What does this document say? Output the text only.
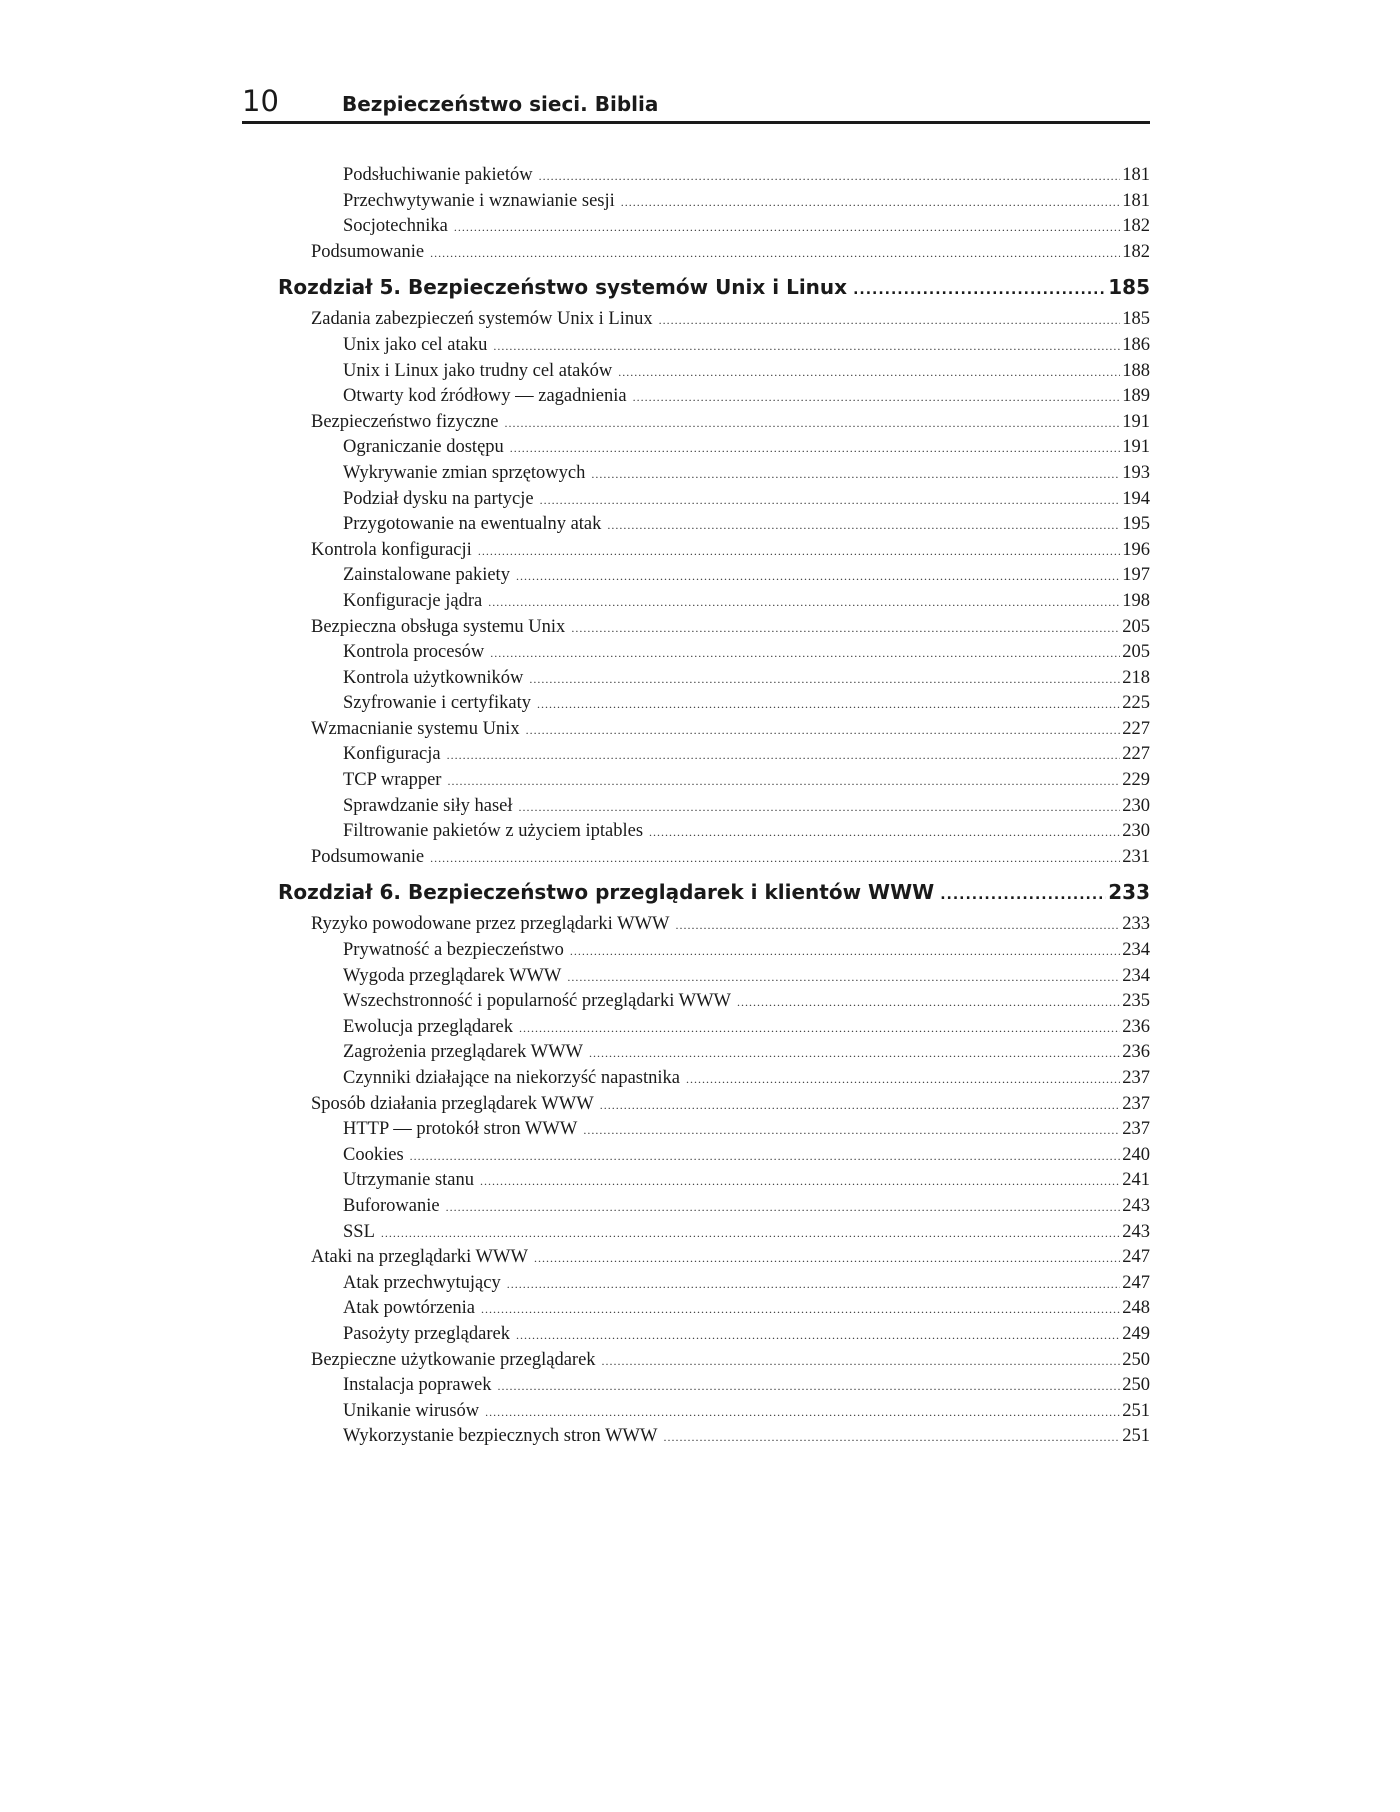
10	Bezpieczeństwo sieci. Biblia
Podsłuchiwanie pakietów .....	181
Przechwytywanie i wznawianie sesji .....	181
Socjotechnika .....	182
Podsumowanie .....	182
Rozdział 5. Bezpieczeństwo systemów Unix i Linux .....	185
Zadania zabezpieczeń systemów Unix i Linux .....	185
Unix jako cel ataku .....	186
Unix i Linux jako trudny cel ataków .....	188
Otwarty kod źródłowy — zagadnienia .....	189
Bezpieczeństwo fizyczne .....	191
Ograniczanie dostępu .....	191
Wykrywanie zmian sprzętowych .....	193
Podział dysku na partycje .....	194
Przygotowanie na ewentualny atak .....	195
Kontrola konfiguracji .....	196
Zainstalowane pakiety .....	197
Konfiguracje jądra .....	198
Bezpieczna obsługa systemu Unix .....	205
Kontrola procesów .....	205
Kontrola użytkowników .....	218
Szyfrowanie i certyfikaty .....	225
Wzmacnianie systemu Unix .....	227
Konfiguracja .....	227
TCP wrapper .....	229
Sprawdzanie siły haseł .....	230
Filtrowanie pakietów z użyciem iptables .....	230
Podsumowanie .....	231
Rozdział 6. Bezpieczeństwo przeglądarek i klientów WWW .....	233
Ryzyko powodowane przez przeglądarki WWW .....	233
Prywatność a bezpieczeństwo .....	234
Wygoda przeglądarek WWW .....	234
Wszechstronność i popularność przeglądarki WWW .....	235
Ewolucja przeglądarek .....	236
Zagrożenia przeglądarek WWW .....	236
Czynniki działające na niekorzyść napastnika .....	237
Sposób działania przeglądarek WWW .....	237
HTTP — protokół stron WWW .....	237
Cookies .....	240
Utrzymanie stanu .....	241
Buforowanie .....	243
SSL .....	243
Ataki na przeglądarki WWW .....	247
Atak przechwytujący .....	247
Atak powtórzenia .....	248
Pasożyty przeglądarek .....	249
Bezpieczne użytkowanie przeglądarek .....	250
Instalacja poprawek .....	250
Unikanie wirusów .....	251
Wykorzystanie bezpiecznych stron WWW .....	251
